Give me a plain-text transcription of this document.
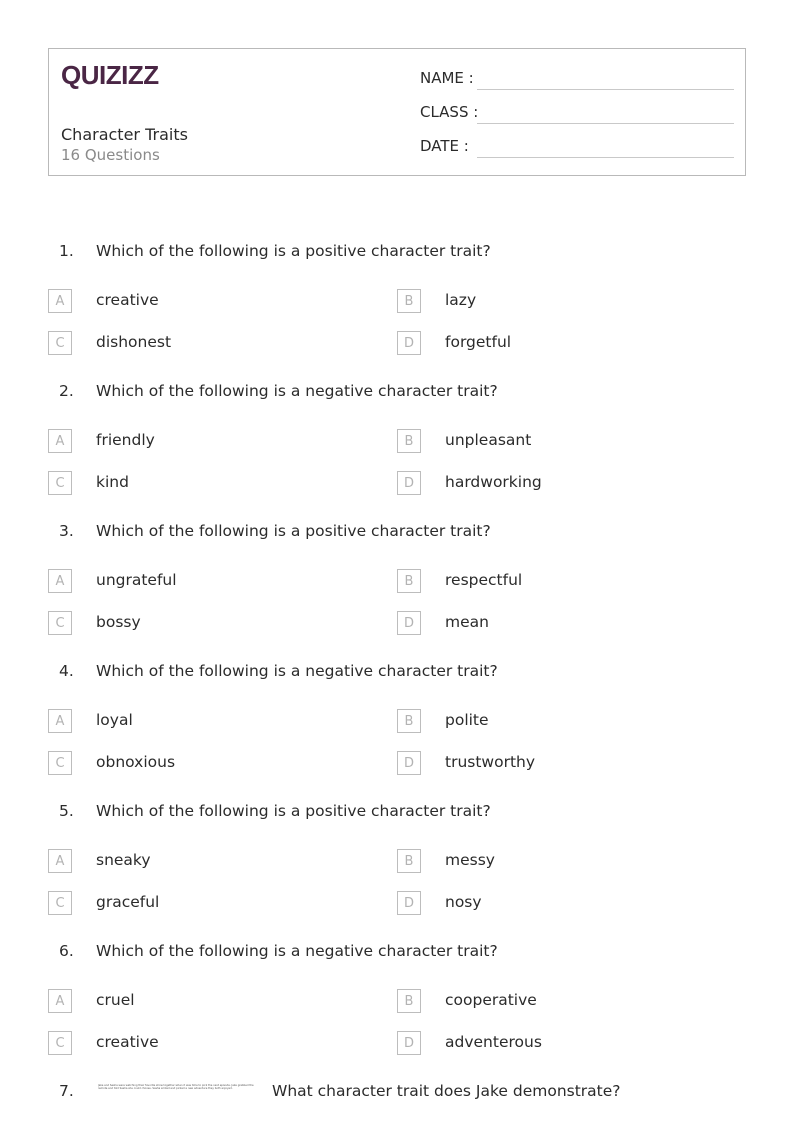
QUIZIZZ
Character Traits
16 Questions
NAME :
CLASS :
DATE :
1. Which of the following is a positive character trait?
A	creative	B	lazy
C	dishonest	D	forgetful
2. Which of the following is a negative character trait?
A	friendly	B	unpleasant
C	kind	D	hardworking
3. Which of the following is a positive character trait?
A	ungrateful	B	respectful
C	bossy	D	mean
4. Which of the following is a negative character trait?
A	loyal	B	polite
C	obnoxious	D	trustworthy
5. Which of the following is a positive character trait?
A	sneaky	B	messy
C	graceful	D	nosy
6. Which of the following is a negative character trait?
A	cruel	B	cooperative
C	creative	D	adventerous
7.	Jake and Sasha were watching their favorite show together when it was time to pick the next episode. Jake grabbed the remote and told Sasha she could choose. Sasha smiled and picked a new adventure they both enjoyed.	What character trait does Jake demonstrate?
